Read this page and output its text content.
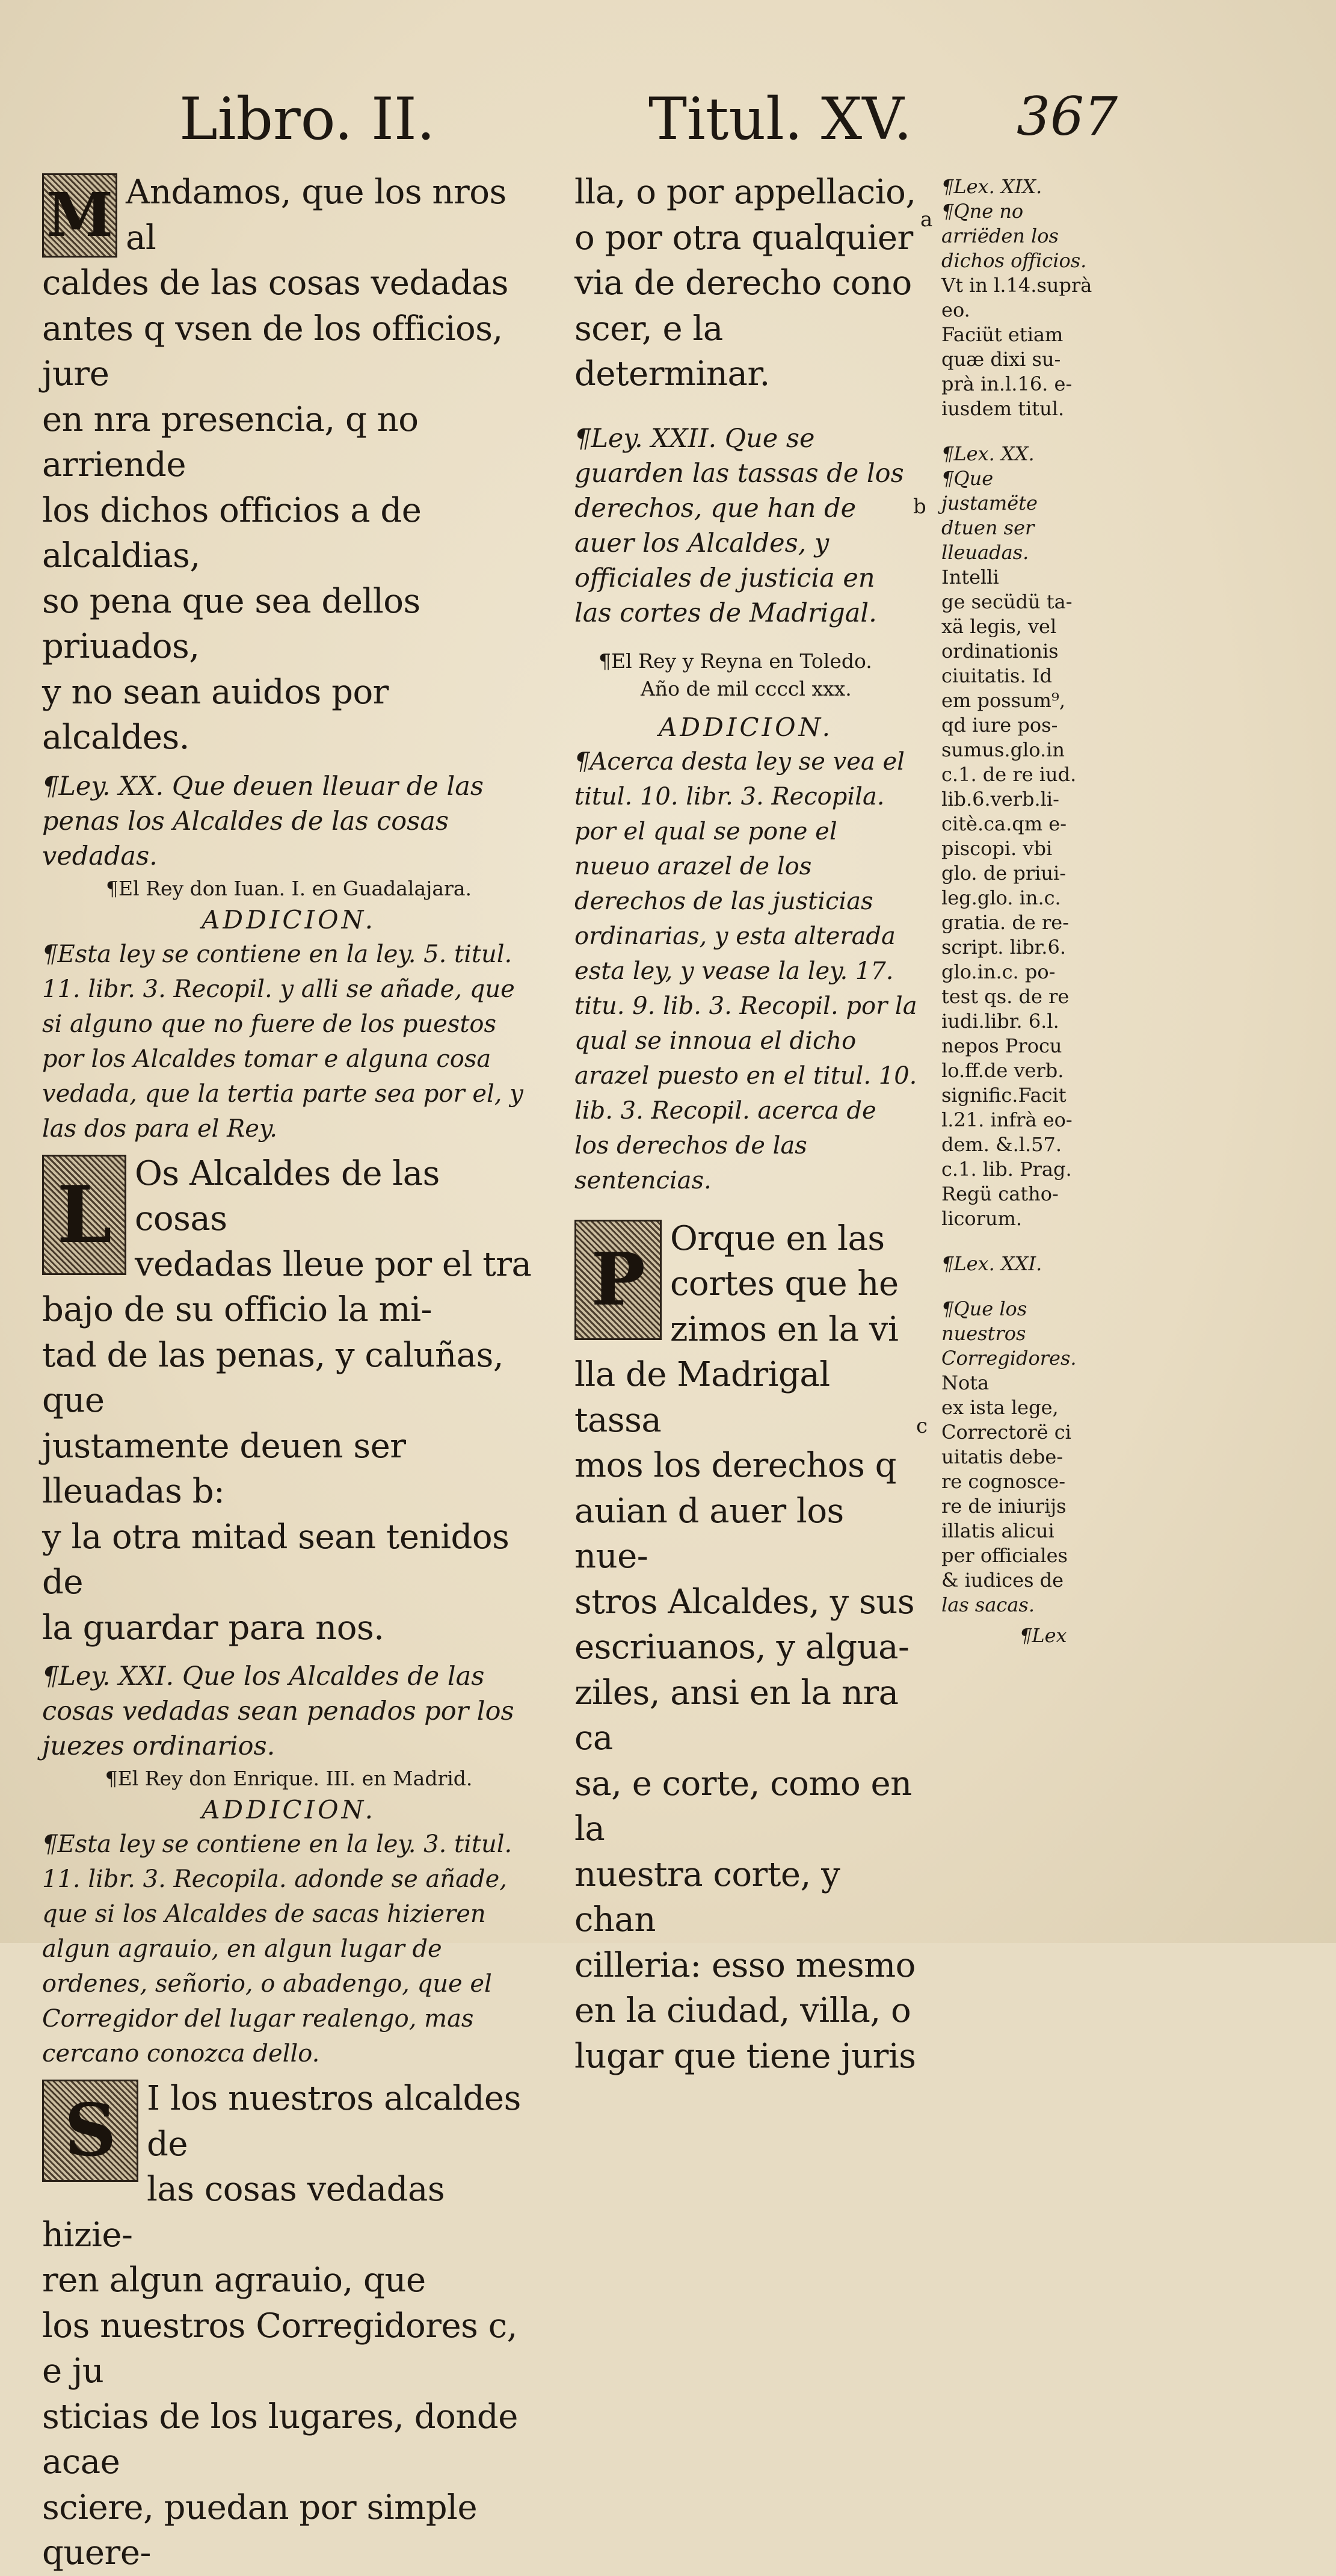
Libro. II.	Titul. XV. 367
M Andamos, que los nros al

caldes de las cosas vedadas

antes q vsen de los officios, jure

en nra presencia, q no arriende

los dichos officios a de alcaldias,

so pena que sea dellos priuados,

y no sean auidos por alcaldes.

¶Ley. XX. Que deuen lleuar de las penas los Alcaldes de las cosas vedadas.
¶El Rey don Iuan. I. en Guadalajara.
ADDICION.
¶Esta ley se contiene en la ley. 5. titul. 11. libr. 3. Recopil. y alli se añade, que si alguno que no fuere de los puestos por los Alcaldes tomar e alguna cosa vedada, que la tertia parte sea por el, y las dos para el Rey.
L Os Alcaldes de las cosas

vedadas lleue por el tra

bajo de su officio la mi-

tad de las penas, y caluñas, que

justamente deuen ser lleuadas b:

y la otra mitad sean tenidos de

la guardar para nos.

¶Ley. XXI. Que los Alcaldes de las cosas vedadas sean penados por los juezes ordinarios.
¶El Rey don Enrique. III. en Madrid.
ADDICION.
¶Esta ley se contiene en la ley. 3. titul. 11. libr. 3. Recopila. adonde se añade, que si los Alcaldes de sacas hizieren algun agrauio, en algun lugar de ordenes, señorio, o abadengo, que el Corregidor del lugar realengo, mas cercano conozca dello.
S I los nuestros alcaldes de

las cosas vedadas hizie-

ren algun agrauio, que

los nuestros Corregidores c, e ju

sticias de los lugares, donde acae

sciere, puedan por simple quere-

lla, o por appellacio,

o por otra qualquier

via de derecho cono

scer, e la determinar.

¶Ley. XXII. Que se guarden las tassas de los derechos, que han de auer los Alcaldes, y officiales de justicia en las cortes de Madrigal.
¶El Rey y Reyna en Toledo.
Año de mil ccccl xxx.
ADDICION.
¶Acerca desta ley se vea el titul. 10. libr. 3. Recopila. por el qual se pone el nueuo arazel de los derechos de las justicias ordinarias, y esta alterada esta ley, y vease la ley. 17. titu. 9. lib. 3. Recopil. por la qual se innoua el dicho arazel puesto en el titul. 10. lib. 3. Recopil. acerca de los derechos de las sentencias.
P Orque en las

cortes que he

zimos en la vi

lla de Madrigal tassa

mos los derechos q

auian d auer los nue-

stros Alcaldes, y sus

escriuanos, y algua-

ziles, ansi en la nra ca

sa, e corte, como en la

nuestra corte, y chan

cilleria: esso mesmo

en la ciudad, villa, o

lugar que tiene juris

a
b
c

¶Lex. XIX.

¶Qne no arriëden los dichos officios.

Vt in l.14.suprà eo.

Faciüt etiam

quæ dixi su-

prà in.l.16. e-

iusdem titul.

¶Lex. XX.

¶Que justamëte dtuen ser lleuadas.

Intelli

ge secüdü ta-

xä legis, vel

ordinationis

ciuitatis. Id

em possum⁹,

qd iure pos-

sumus.glo.in

c.1. de re iud.

lib.6.verb.li-

citè.ca.qm e-

piscopi. vbi

glo. de priui-

leg.glo. in.c.

gratia. de re-

script. libr.6.

glo.in.c. po-

test qs. de re

iudi.libr. 6.l.

nepos Procu

lo.ff.de verb.

signific.Facit

l.21. infrà eo-

dem. &.l.57.

c.1. lib. Prag.

Regü catho-

licorum.

¶Lex. XXI.

¶Que los nuestros Corregidores.

Nota

ex ista lege,

Correctorë ci

uitatis debe-

re cognosce-

re de iniurijs

illatis alicui

per officiales

& iudices de

las sacas.

¶Lex
